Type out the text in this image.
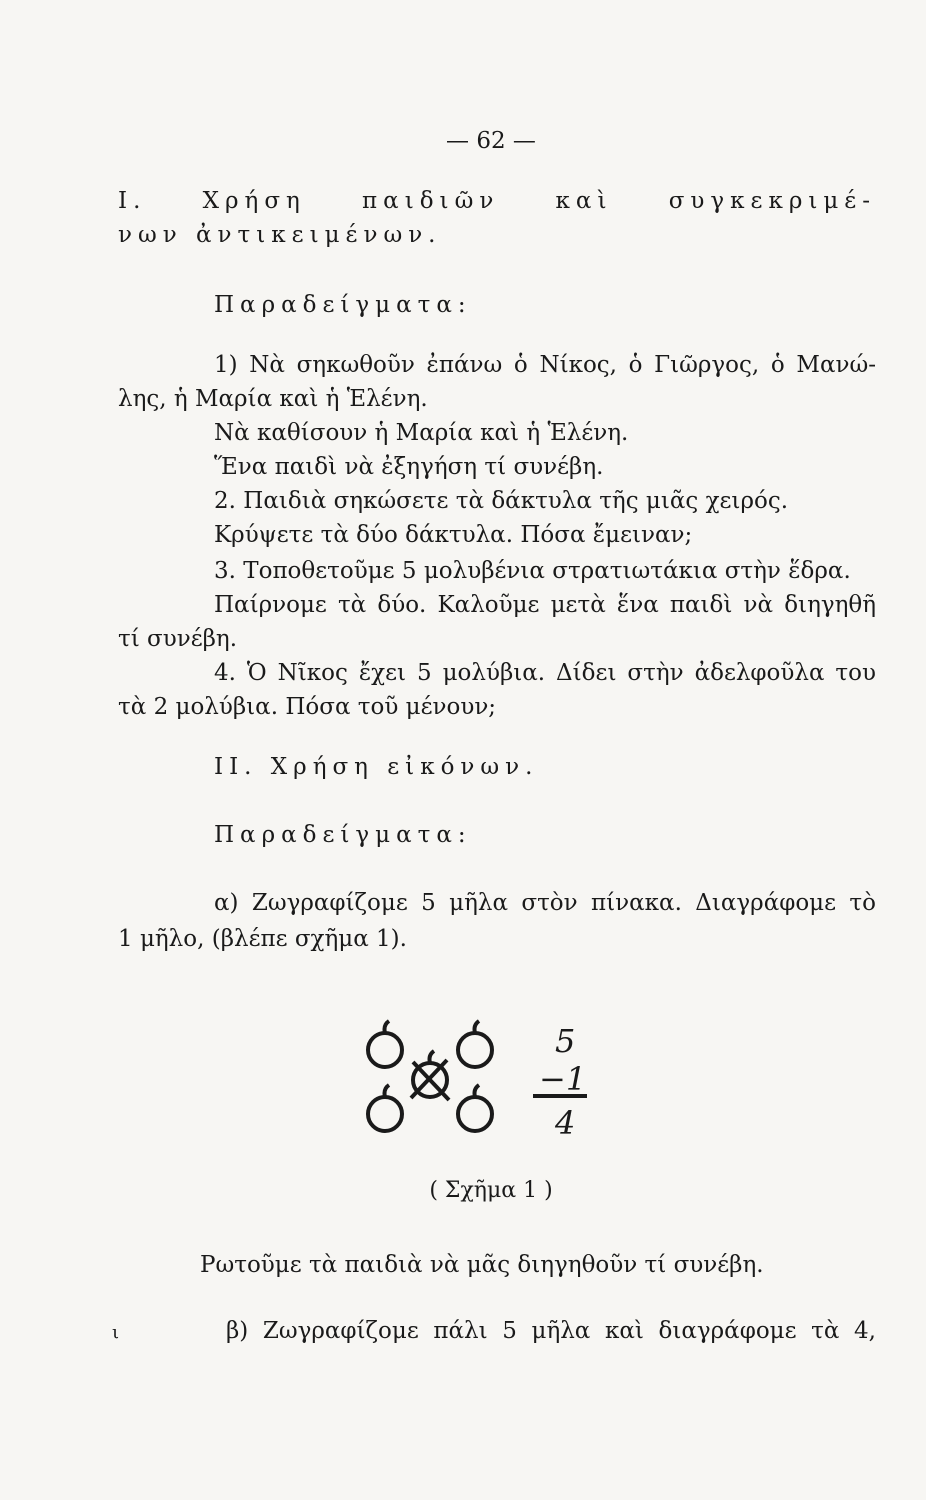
— 62 —
Ι. Χρήση παιδιῶν καὶ συγκεκριμέ-
νων ἀντικειμένων.
Παραδείγματα:
1) Νὰ σηκωθοῦν ἐπάνω ὁ Νίκος, ὁ Γιῶργος, ὁ Μανώ-
λης, ἡ Μαρία καὶ ἡ Ἑλένη.
Νὰ καθίσουν ἡ Μαρία καὶ ἡ Ἑλένη.
Ἕνα παιδὶ νὰ ἐξηγήση τί συνέβη.
2. Παιδιὰ σηκώσετε τὰ δάκτυλα τῆς μιᾶς χειρός.
Κρύψετε τὰ δύο δάκτυλα. Πόσα ἔμειναν;
3. Τοποθετοῦμε 5 μολυβένια στρατιωτάκια στὴν ἕδρα.
Παίρνομε τὰ δύο. Καλοῦμε μετὰ ἕνα παιδὶ νὰ διηγηθῆ
τί συνέβη.
4. Ὁ Νῖκος ἔχει 5 μολύβια. Δίδει στὴν ἀδελφοῦλα του
τὰ 2 μολύβια. Πόσα τοῦ μένουν;
ΙΙ. Χρήση εἰκόνων.
Παραδείγματα:
α) Ζωγραφίζομε 5 μῆλα στὸν πίνακα. Διαγράφομε τὸ
1 μῆλο, (βλέπε σχῆμα 1).
5
−1
4
( Σχῆμα 1 )
Ρωτοῦμε τὰ παιδιὰ νὰ μᾶς διηγηθοῦν τί συνέβη.
ι	β) Ζωγραφίζομε πάλι 5 μῆλα καὶ διαγράφομε τὰ 4,
